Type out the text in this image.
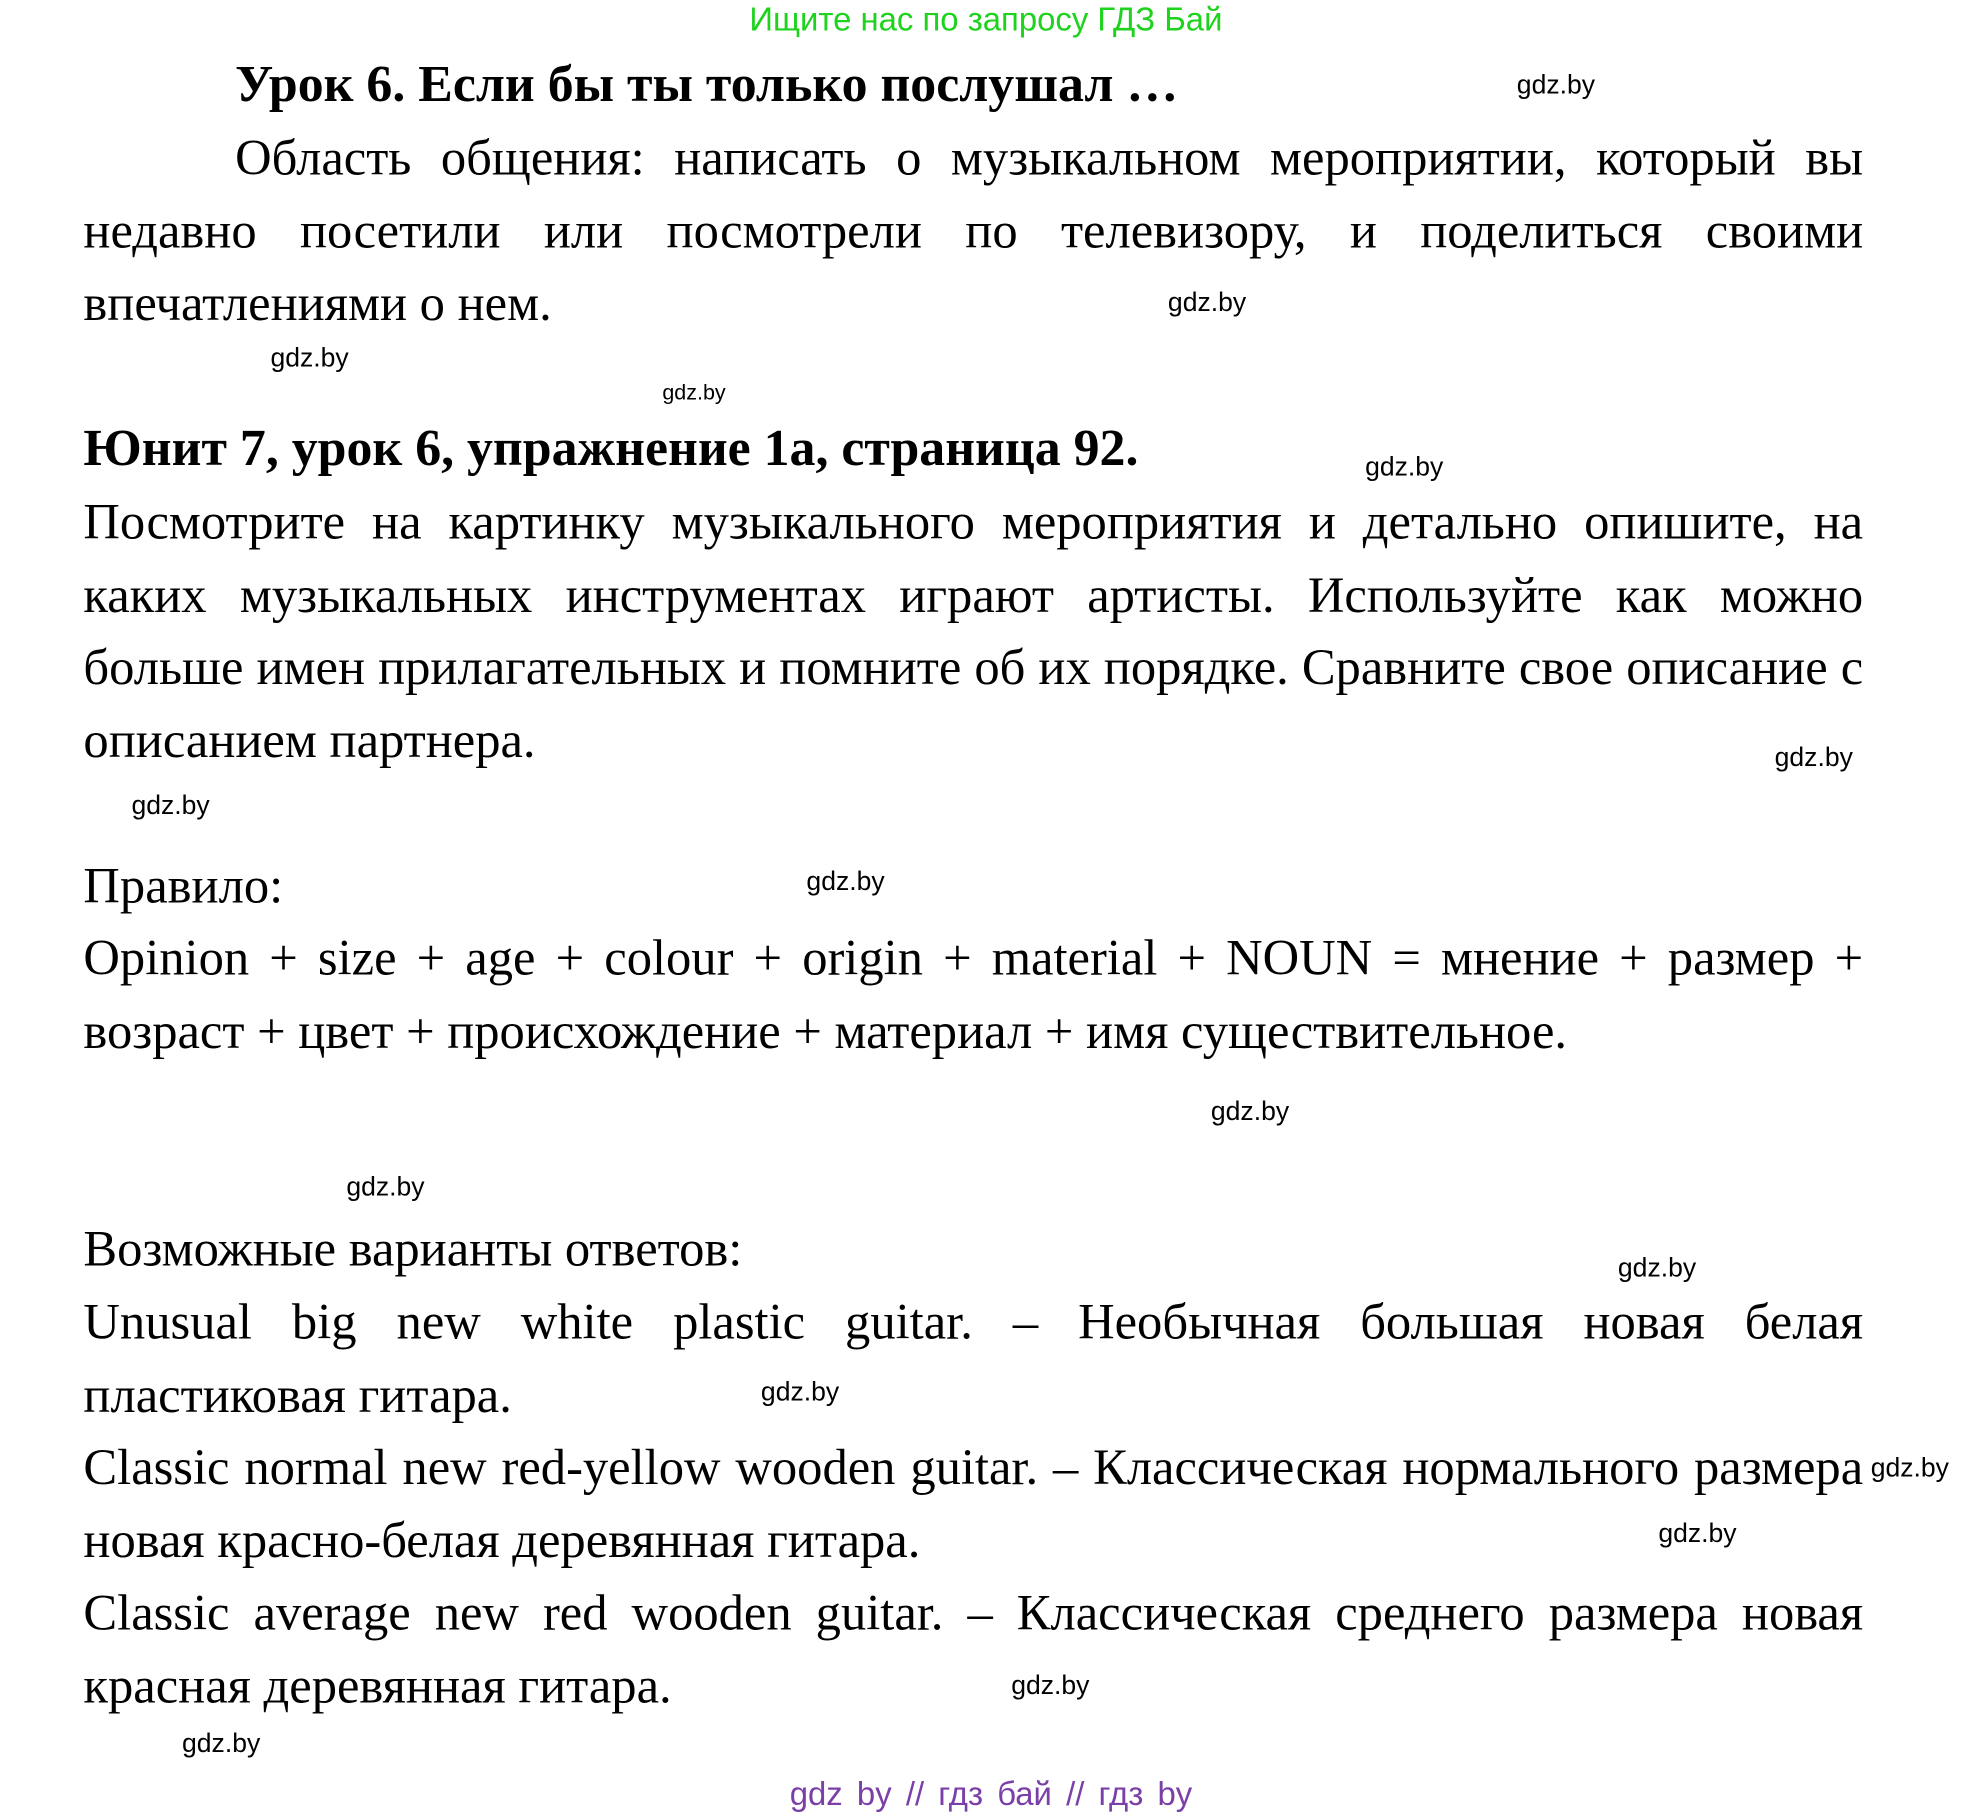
Ищите нас по запросу ГДЗ Бай
Урок 6. Если бы ты только послушал …
Область общения: написать о музыкальном мероприятии, который вы недавно посетили или посмотрели по телевизору, и поделиться своими впечатлениями о нем.
Юнит 7, урок 6, упражнение 1а, страница 92.
Посмотрите на картинку музыкального мероприятия и детально опишите, на каких музыкальных инструментах играют артисты. Используйте как можно больше имен прилагательных и помните об их порядке. Сравните свое описание с описанием партнера.
Правило:
Opinion + size + age + colour + origin + material + NOUN = мнение + размер + возраст + цвет + происхождение + материал + имя существительное.
Возможные варианты ответов:
Unusual big new white plastic guitar. – Необычная большая новая белая пластиковая гитара.
Classic normal new red-yellow wooden guitar. – Классическая нормального размера новая красно-белая деревянная гитара.
Classic average new red wooden guitar. – Классическая среднего размера новая красная деревянная гитара.
gdz.by
gdz.by
gdz.by
gdz.by
gdz.by
gdz.by
gdz.by
gdz.by
gdz.by
gdz.by
gdz.by
gdz.by
gdz.by
gdz.by
gdz.by
gdz.by
gdz by // гдз бай // гдз by
